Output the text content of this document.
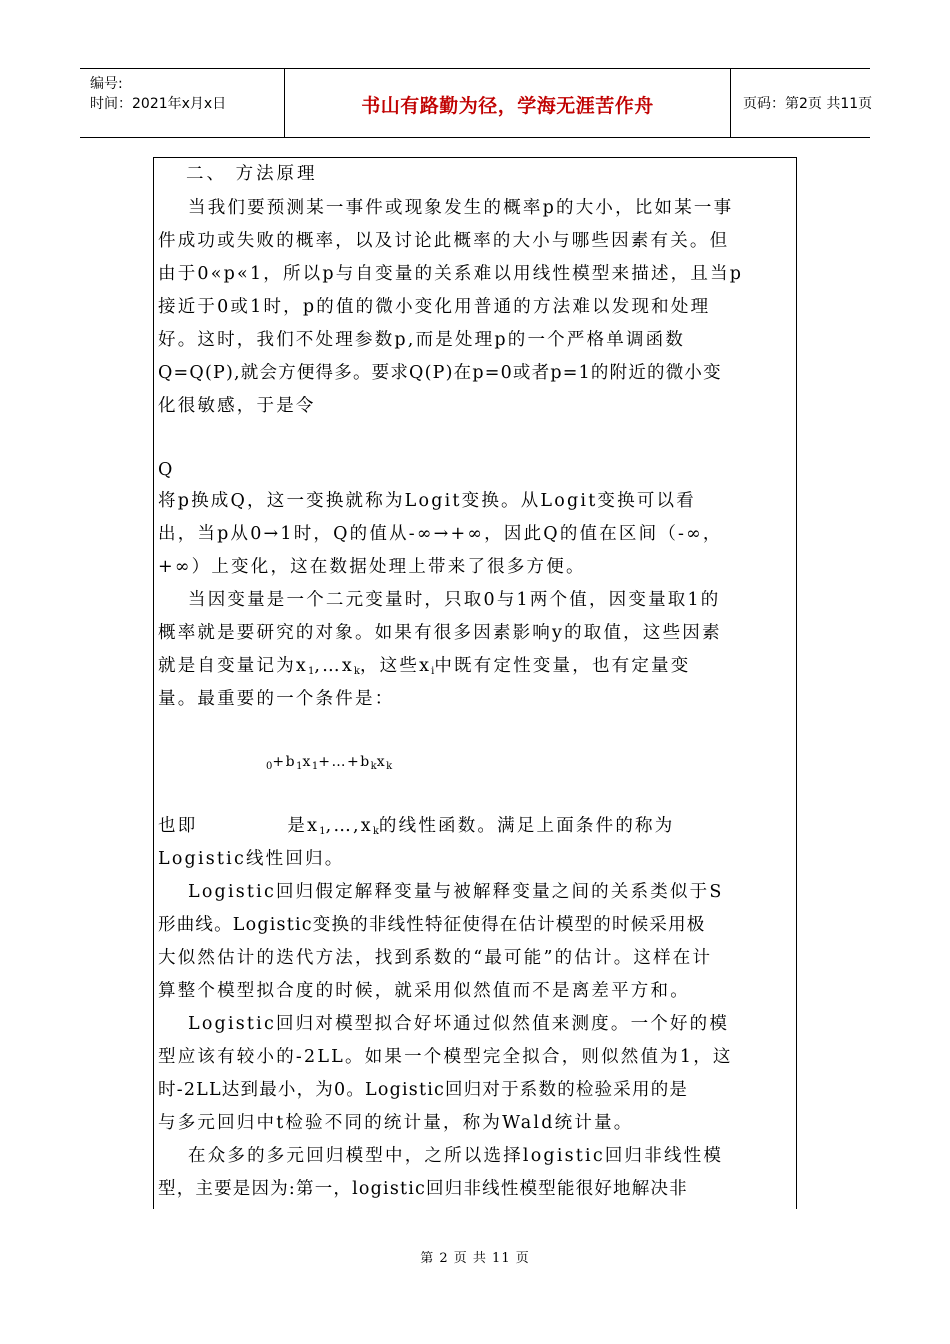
编号:
时间：2021年x月x日	书山有路勤为径，学海无涯苦作舟	页码：第2页 共11页
二、 方法原理
当我们要预测某一事件或现象发生的概率p的大小，比如某一事
件成功或失败的概率，以及讨论此概率的大小与哪些因素有关。但
由于0«p«1，所以p与自变量的关系难以用线性模型来描述，且当p
接近于0或1时，p的值的微小变化用普通的方法难以发现和处理
好。这时，我们不处理参数p,而是处理p的一个严格单调函数
Q=Q(P),就会方便得多。要求Q(P)在p=0或者p=1的附近的微小变
化很敏感，于是令
Q
将p换成Q，这一变换就称为Logit变换。从Logit变换可以看
出，当p从0→1时，Q的值从-∞→+∞，因此Q的值在区间（-∞，
+∞）上变化，这在数据处理上带来了很多方便。
当因变量是一个二元变量时，只取0与1两个值，因变量取1的
概率就是要研究的对象。如果有很多因素影响y的取值，这些因素
就是自变量记为$x_1,\dots x_k$，这些$x_i$中既有定性变量，也有定量变
量。最重要的一个条件是：
$_0+b_1x_1+\dots+b_kx_k$
也即	是$x_1,\dots,x_k$的线性函数。满足上面条件的称为
Logistic线性回归。
Logistic回归假定解释变量与被解释变量之间的关系类似于S
形曲线。Logistic变换的非线性特征使得在估计模型的时候采用极
大似然估计的迭代方法，找到系数的“最可能”的估计。这样在计
算整个模型拟合度的时候，就采用似然值而不是离差平方和。
Logistic回归对模型拟合好坏通过似然值来测度。一个好的模
型应该有较小的-2LL。如果一个模型完全拟合，则似然值为1，这
时-2LL达到最小，为0。Logistic回归对于系数的检验采用的是
与多元回归中t检验不同的统计量，称为Wald统计量。
在众多的多元回归模型中，之所以选择logistic回归非线性模
型，主要是因为:第一，logistic回归非线性模型能很好地解决非
第 2 页 共 11 页
